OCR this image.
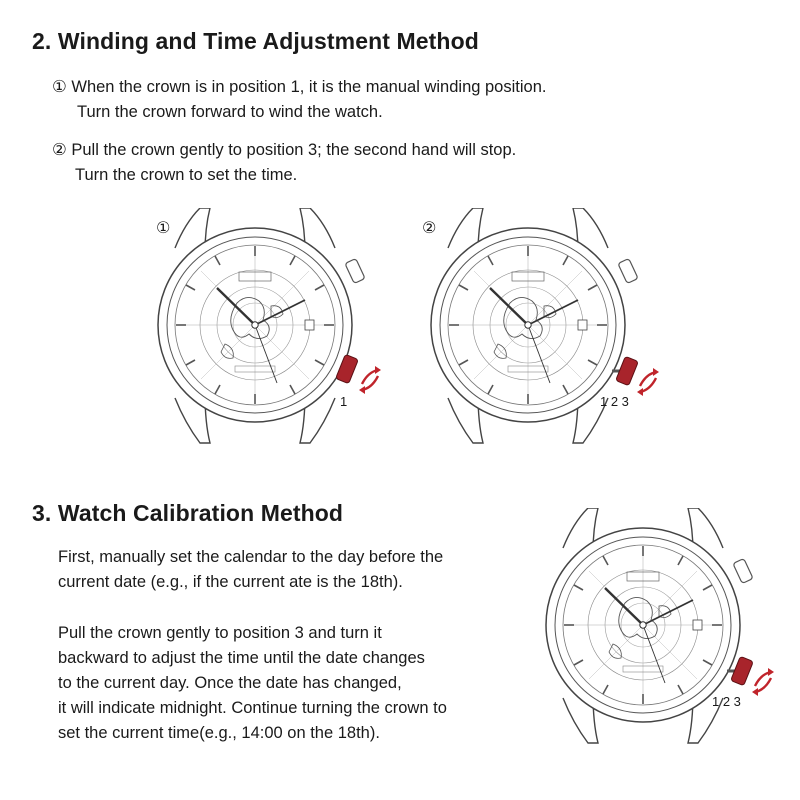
2. Winding and Time Adjustment Method

① When the crown is in position 1, it is the manual winding position.

Turn the crown forward to wind the watch.

② Pull the crown gently to position 3; the second hand will stop.

Turn the crown to set the time.

①
1
②
1 2 3
3. Watch Calibration Method

First, manually set the calendar to the day before the

current date (e.g., if the current ate is the 18th).

Pull the crown gently to position 3 and turn it

backward to adjust the time until the date changes

to the current day. Once the date has changed,

it will indicate midnight. Continue turning the crown to

set the current time(e.g., 14:00 on the 18th).

1 2 3
